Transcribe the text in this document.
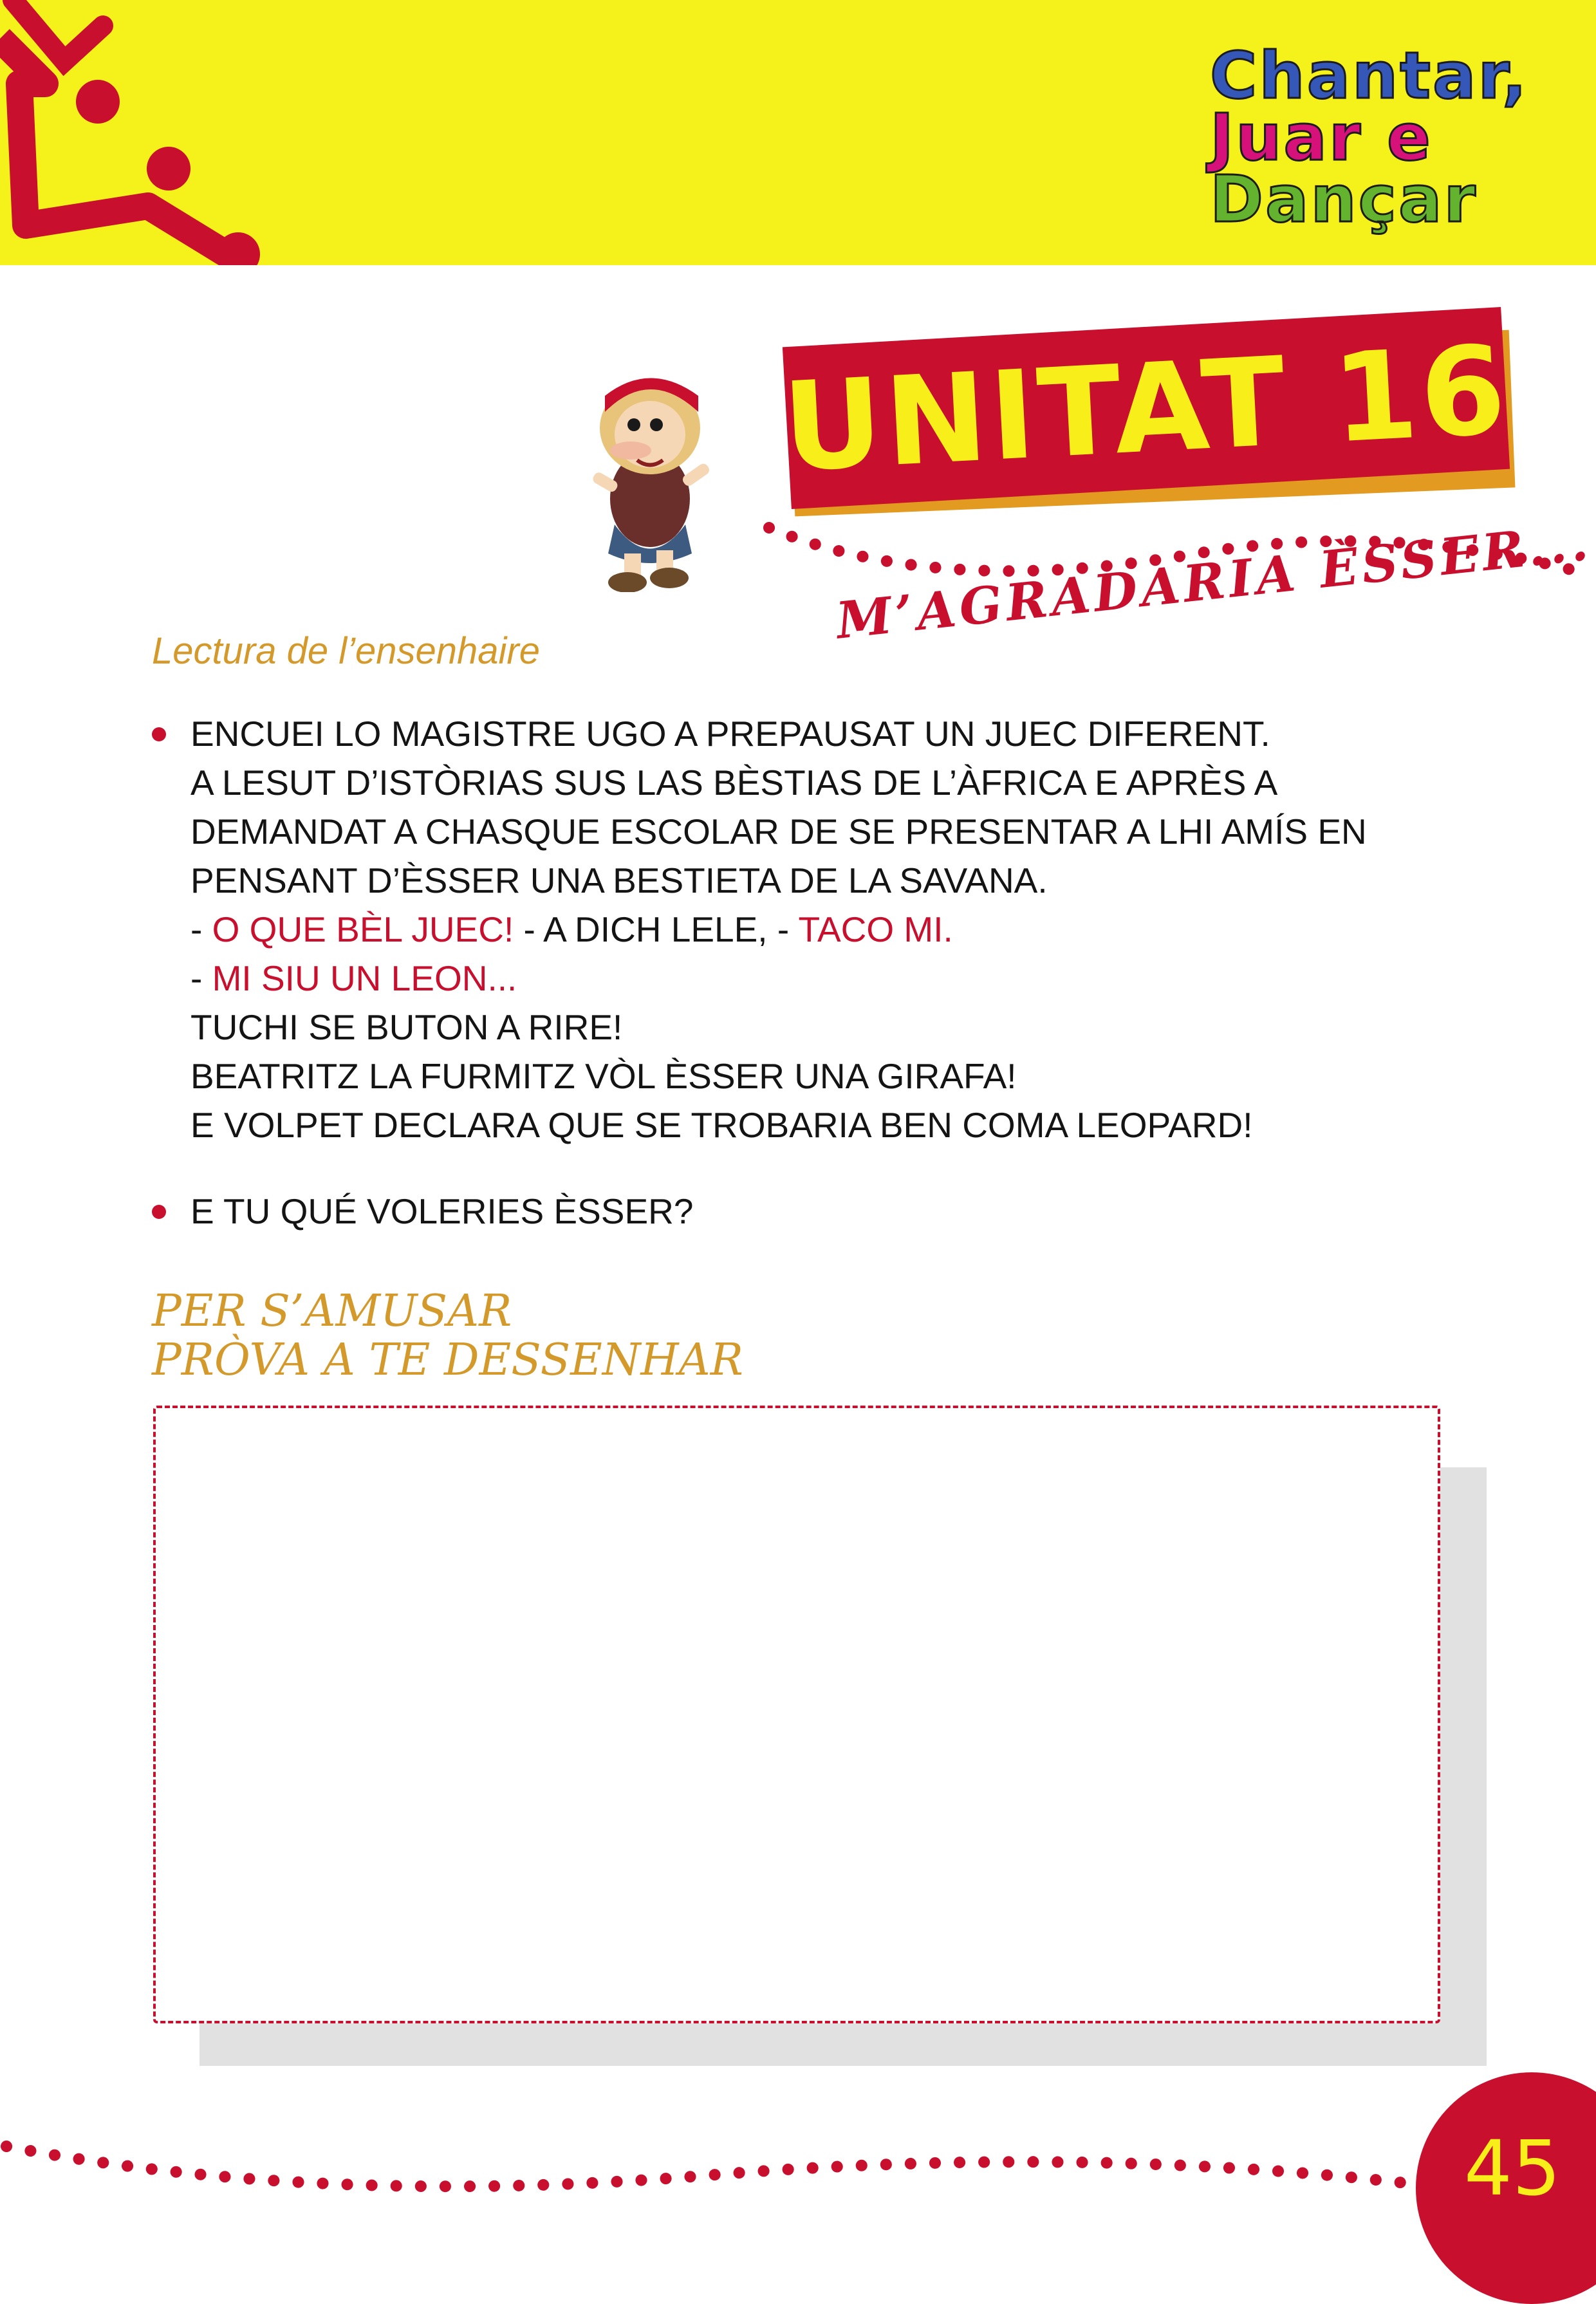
Chantar,
Juar e
Dançar
UNITAT 16
M’AGRADARIA ÈSSER...
Lectura de l’ensenhaire
ENCUEI LO MAGISTRE UGO A PREPAUSAT UN JUEC DIFERENT.
A LESUT D’ISTÒRIAS SUS LAS BÈSTIAS DE L’ÀFRICA E APRÈS A
DEMANDAT A CHASQUE ESCOLAR DE SE PRESENTAR A LHI AMÍS EN
PENSANT D’ÈSSER UNA BESTIETA DE LA SAVANA.
- O QUE BÈL JUEC! - A DICH LELE, - TACO MI.
- MI SIU UN LEON...
TUCHI SE BUTON A RIRE!
BEATRITZ LA FURMITZ VÒL ÈSSER UNA GIRAFA!
E VOLPET DECLARA QUE SE TROBARIA BEN COMA LEOPARD!
E TU QUÉ VOLERIES ÈSSER?
PER S’AMUSAR
PRÒVA A TE DESSENHAR
45
